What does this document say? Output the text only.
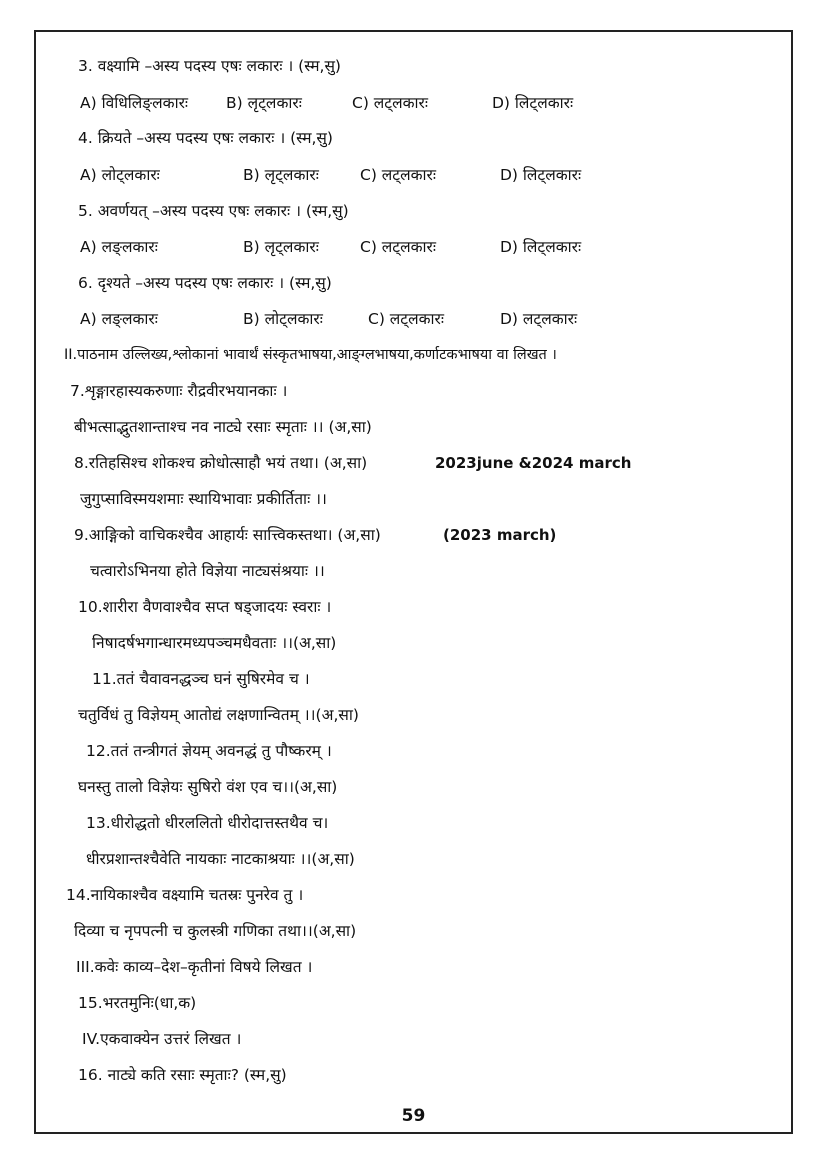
3. वक्ष्यामि –अस्य पदस्य एषः लकारः । (स्म,सु)
A) विधिलिङ्लकारः B) लृट्लकारः	C) लट्लकारः	D) लिट्लकारः
4. क्रियते –अस्य पदस्य एषः लकारः । (स्म,सु)
A) लोट्लकारः	B) लृट्लकारः	C) लट्लकारः	D) लिट्लकारः
5. अवर्णयत् –अस्य पदस्य एषः लकारः । (स्म,सु)
A) लङ्लकारः	B) लृट्लकारः	C) लट्लकारः	D) लिट्लकारः
6. दृश्यते –अस्य पदस्य एषः लकारः । (स्म,सु)
A) लङ्लकारः	B) लोट्लकारः	C) लट्लकारः	D) लट्लकारः
II.पाठनाम उल्लिख्य,श्लोकानां भावार्थं संस्कृतभाषया,आङ्ग्लभाषया,कर्णाटकभाषया वा लिखत ।
7.शृङ्गारहास्यकरुणाः रौद्रवीरभयानकाः ।
बीभत्साद्भुतशान्ताश्च नव नाट्ये रसाः स्मृताः ।। (अ,सा)
8.रतिहसिश्च शोकश्च क्रोधोत्साहौ भयं तथा। (अ,सा)	2023june &2024 march
जुगुप्साविस्मयशमाः स्थायिभावाः प्रकीर्तिताः ।।
9.आङ्गिको वाचिकश्चैव आहार्यः सात्त्विकस्तथा। (अ,सा)	(2023 march)
चत्वारोऽभिनया होते विज्ञेया नाट्यसंश्रयाः ।।
10.शारीरा वैणवाश्चैव सप्त षड्जादयः स्वराः ।
निषादर्षभगान्धारमध्यपञ्चमधैवताः ।।(अ,सा)
11.ततं चैवावनद्धञ्च घनं सुषिरमेव च ।
चतुर्विधं तु विज्ञेयम् आतोद्यं लक्षणान्वितम् ।।(अ,सा)
12.ततं तन्त्रीगतं ज्ञेयम् अवनद्धं तु पौष्करम् ।
घनस्तु तालो विज्ञेयः सुषिरो वंश एव च।।(अ,सा)
13.धीरोद्धतो धीरललितो धीरोदात्तस्तथैव च।
धीरप्रशान्तश्चैवेति नायकाः नाटकाश्रयाः ।।(अ,सा)
14.नायिकाश्चैव वक्ष्यामि चतस्रः पुनरेव तु ।
दिव्या च नृपपत्नी च कुलस्त्री गणिका तथा।।(अ,सा)
III.कवेः काव्य–देश–कृतीनां विषये लिखत ।
15.भरतमुनिः(धा,क)
IV.एकवाक्येन उत्तरं लिखत ।
16. नाट्ये कति रसाः स्मृताः? (स्म,सु)
59
